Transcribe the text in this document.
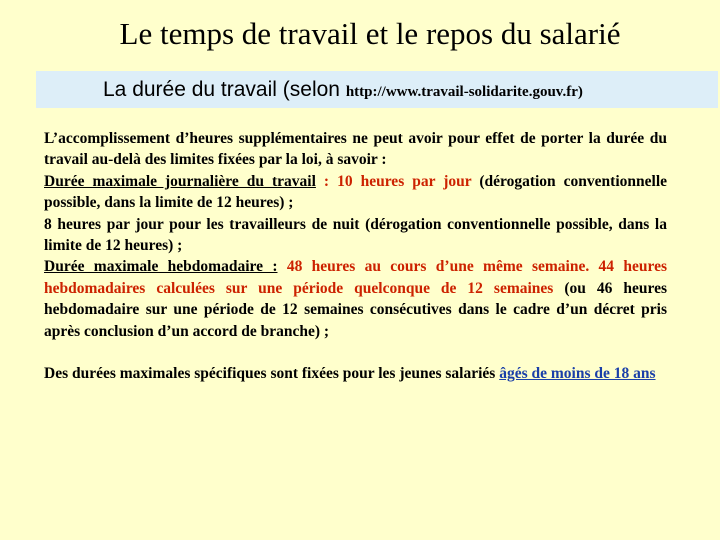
Le temps de travail et le repos du salarié
La durée du travail (selon http://www.travail-solidarite.gouv.fr)

L’accomplissement d’heures supplémentaires ne peut avoir pour effet de porter la durée du travail au-delà des limites fixées par la loi, à savoir :

Durée maximale journalière du travail : 10 heures par jour (dérogation conventionnelle possible, dans la limite de 12 heures) ;

8 heures par jour pour les travailleurs de nuit (dérogation conventionnelle possible, dans la limite de 12 heures) ;

Durée maximale hebdomadaire : 48 heures au cours d’une même semaine. 44 heures hebdomadaires calculées sur une période quelconque de 12 semaines (ou 46 heures hebdomadaire sur une période de 12 semaines consécutives dans le cadre d’un décret pris après conclusion d’un accord de branche) ;

Des durées maximales spécifiques sont fixées pour les jeunes salariés âgés de moins de 18 ans
